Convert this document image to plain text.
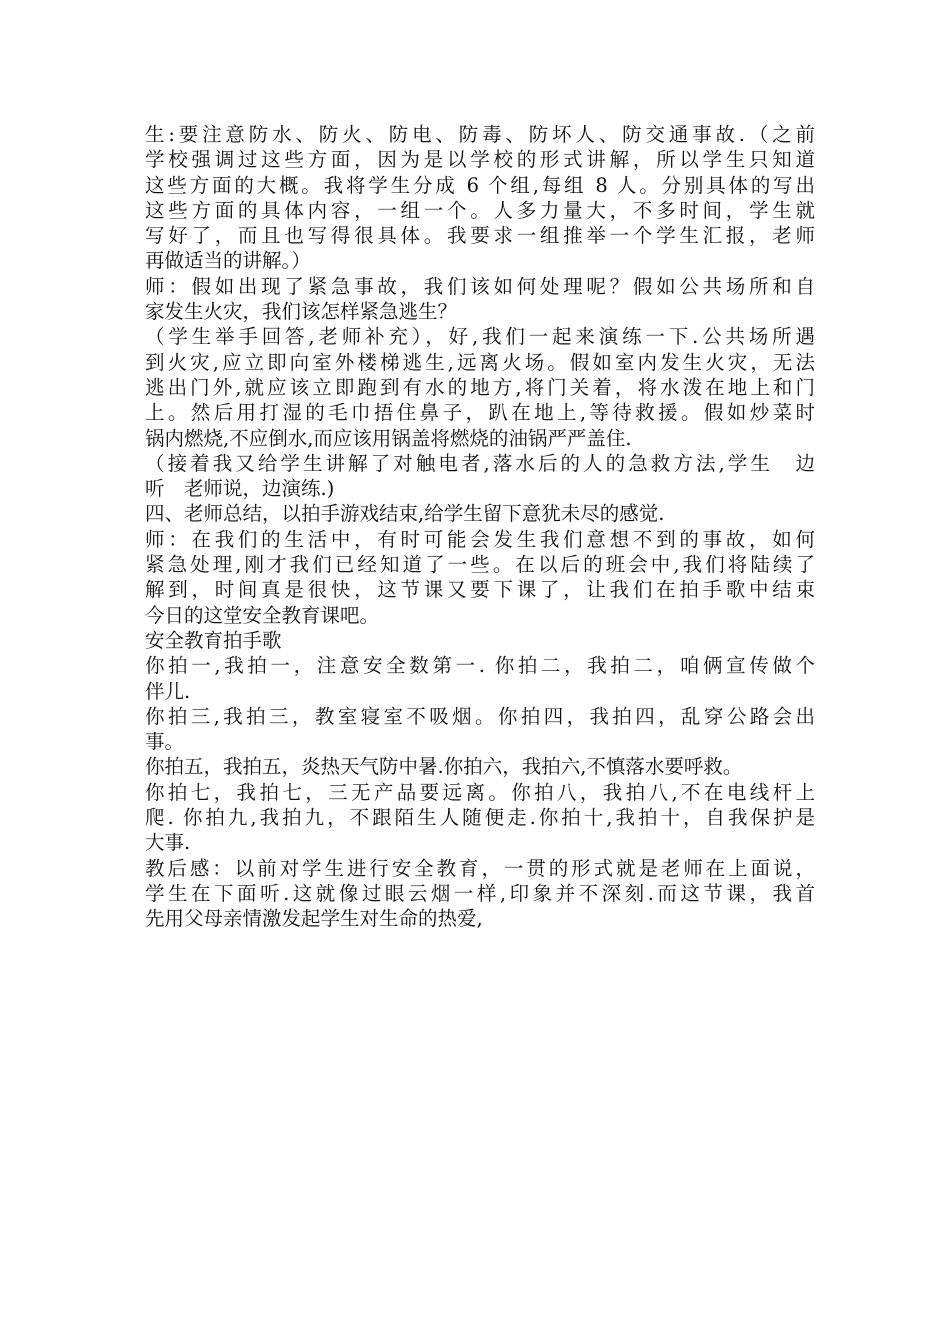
生:要注意防水、防火、防电、防毒、防坏人、防交通事故.（之前
学校强调过这些方面，因为是以学校的形式讲解，所以学生只知道
这些方面的大概。我将学生分成 6 个组,每组 8 人。分别具体的写出
这些方面的具体内容，一组一个。人多力量大，不多时间，学生就
写好了，而且也写得很具体。我要求一组推举一个学生汇报，老师
再做适当的讲解。）
师：假如出现了紧急事故，我们该如何处理呢？假如公共场所和自
家发生火灾，我们该怎样紧急逃生？
（学生举手回答,老师补充），好,我们一起来演练一下.公共场所遇
到火灾,应立即向室外楼梯逃生,远离火场。假如室内发生火灾，无法
逃出门外,就应该立即跑到有水的地方,将门关着，将水泼在地上和门
上。然后用打湿的毛巾捂住鼻子，趴在地上,等待救援。假如炒菜时
锅内燃烧,不应倒水,而应该用锅盖将燃烧的油锅严严盖住.
（接着我又给学生讲解了对触电者,落水后的人的急救方法,学生　边
听　老师说，边演练.)
四、老师总结，以拍手游戏结束,给学生留下意犹未尽的感觉.
师：在我们的生活中，有时可能会发生我们意想不到的事故，如何
紧急处理,刚才我们已经知道了一些。在以后的班会中,我们将陆续了
解到，时间真是很快，这节课又要下课了，让我们在拍手歌中结束
今日的这堂安全教育课吧。
安全教育拍手歌
你拍一,我拍一，注意安全数第一. 你拍二，我拍二，咱俩宣传做个
伴儿.
你拍三,我拍三，教室寝室不吸烟。你拍四，我拍四，乱穿公路会出
事。
你拍五，我拍五，炎热天气防中暑.你拍六，我拍六,不慎落水要呼救。
你拍七，我拍七，三无产品要远离。你拍八，我拍八,不在电线杆上
爬. 你拍九,我拍九，不跟陌生人随便走.你拍十,我拍十，自我保护是
大事.
教后感：以前对学生进行安全教育，一贯的形式就是老师在上面说，
学生在下面听.这就像过眼云烟一样,印象并不深刻.而这节课，我首
先用父母亲情激发起学生对生命的热爱,
